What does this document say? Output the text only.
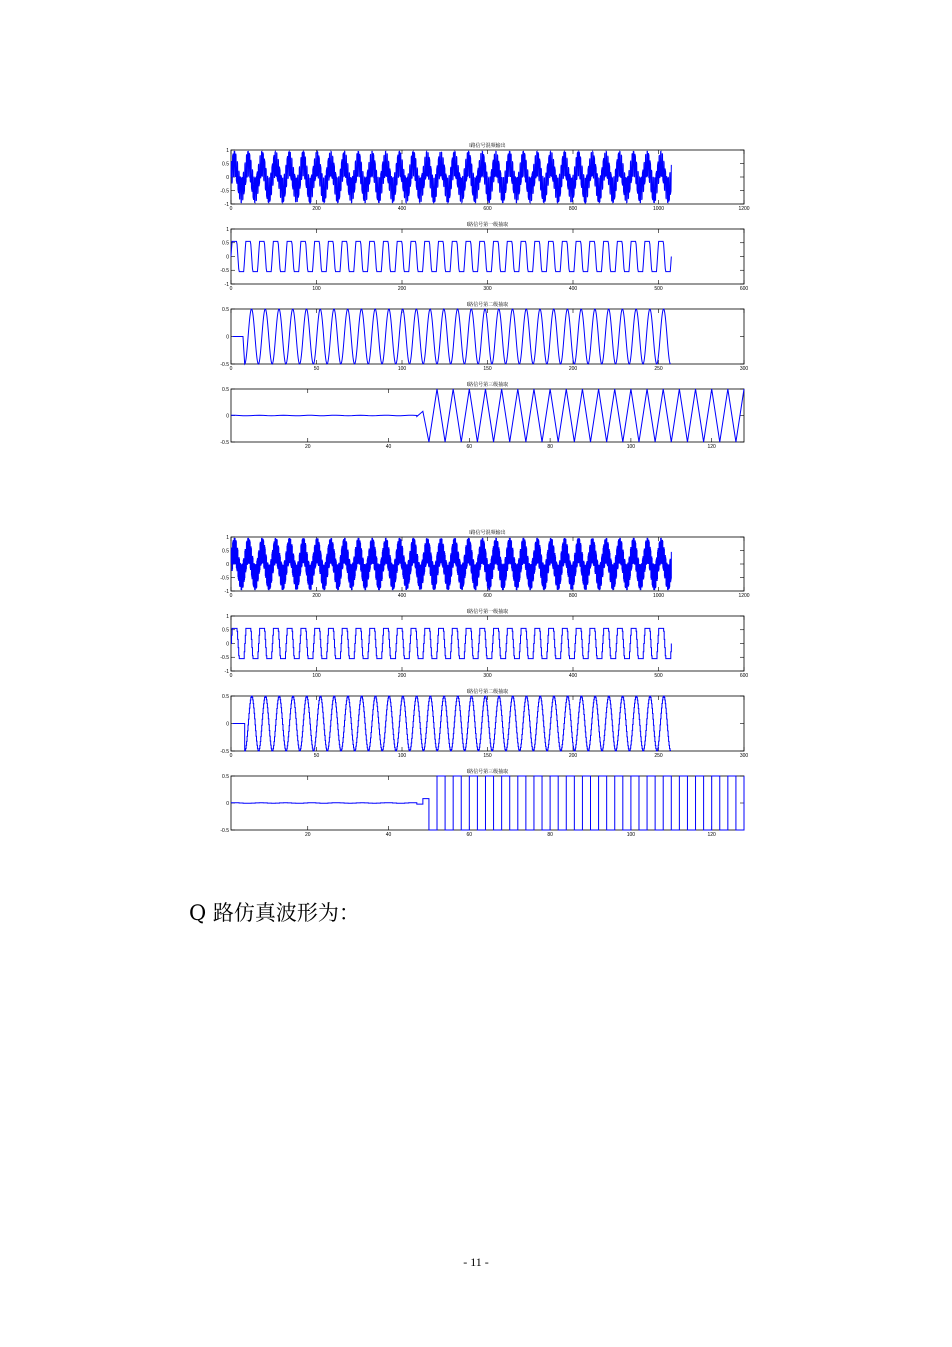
I路信号混频输出
0	200	400	600	800	1000	1200
-1
-0.5
0
0.5
1
I路信号第一级抽取
0	100	200	300	400	500	600
-1
-0.5
0
0.5
1
I路信号第二级抽取
0	50	100	150	200	250	300
-0.5
0
0.5
I路信号第三级抽取
20	40	60	80	100	120
-0.5
0
0.5
I路信号混频输出
0	200	400	600	800	1000	1200
-1
-0.5
0
0.5
1
I路信号第一级抽取
0	100	200	300	400	500	600
-1
-0.5
0
0.5
1
I路信号第二级抽取
0	50	100	150	200	250	300
-0.5
0
0.5
I路信号第三级抽取
20	40	60	80	100	120
-0.5
0
0.5
Q 路仿真波形为：
- 11 -
